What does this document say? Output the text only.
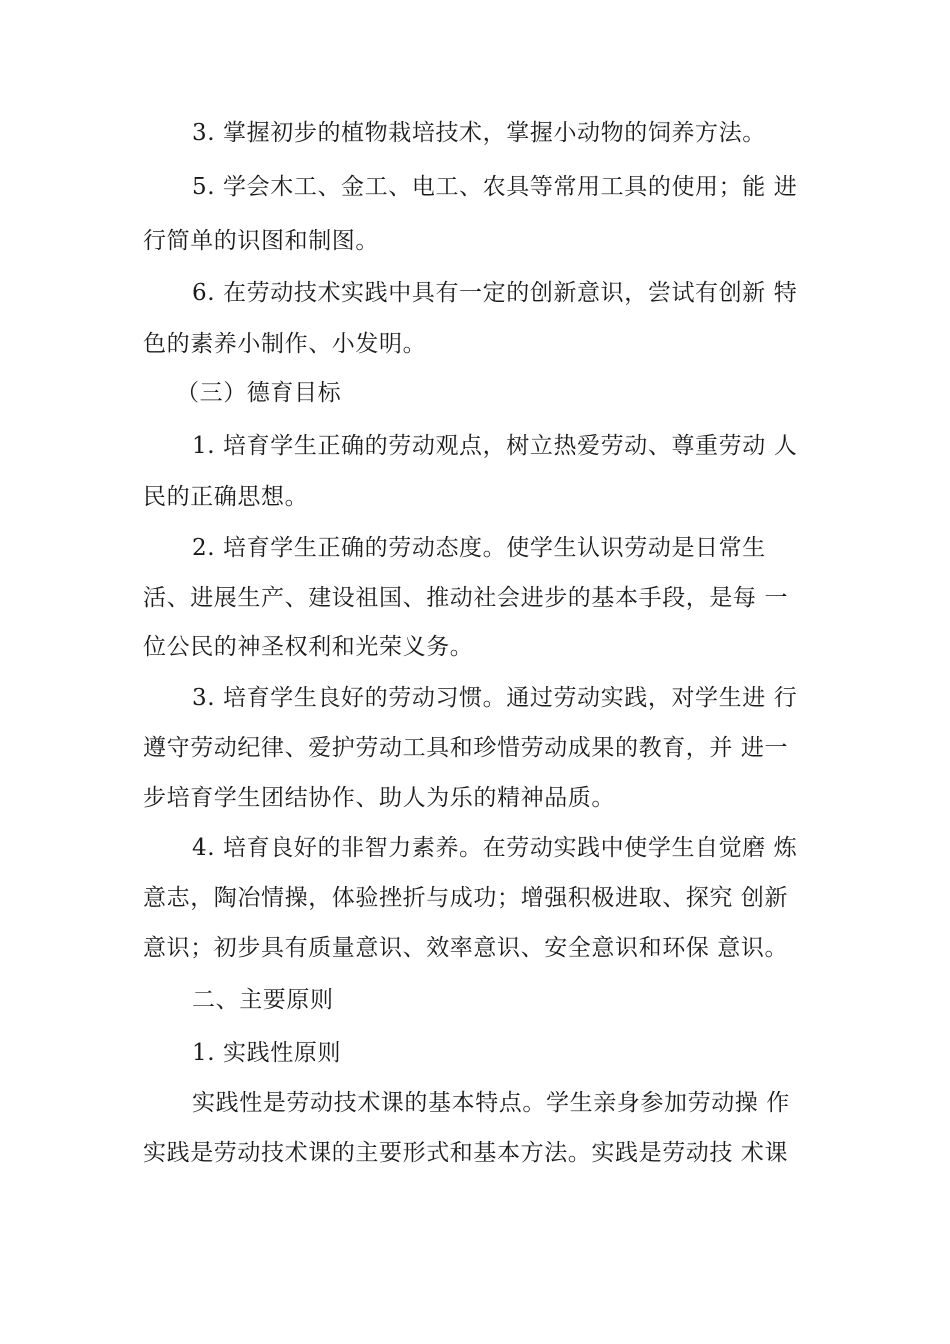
3. 掌握初步的植物栽培技术，掌握小动物的饲养方法。
5. 学会木工、金工、电工、农具等常用工具的使用；能 进
行简单的识图和制图。
6. 在劳动技术实践中具有一定的创新意识，尝试有创新 特
色的素养小制作、小发明。
（三）德育目标
1. 培育学生正确的劳动观点，树立热爱劳动、尊重劳动 人
民的正确思想。
2. 培育学生正确的劳动态度。使学生认识劳动是日常生
活、进展生产、建设祖国、推动社会进步的基本手段，是每 一
位公民的神圣权利和光荣义务。
3. 培育学生良好的劳动习惯。通过劳动实践，对学生进 行
遵守劳动纪律、爱护劳动工具和珍惜劳动成果的教育，并 进一
步培育学生团结协作、助人为乐的精神品质。
4. 培育良好的非智力素养。在劳动实践中使学生自觉磨 炼
意志，陶冶情操，体验挫折与成功；增强积极进取、探究 创新
意识；初步具有质量意识、效率意识、安全意识和环保 意识。
二、主要原则
1. 实践性原则
实践性是劳动技术课的基本特点。学生亲身参加劳动操 作
实践是劳动技术课的主要形式和基本方法。实践是劳动技 术课
